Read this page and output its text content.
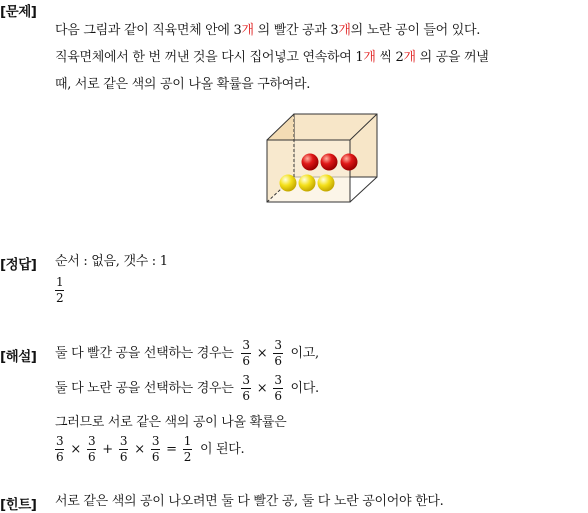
[문제]
다음 그림과 같이 직육면체 안에 3개 의 빨간 공과 3개의 노란 공이 들어 있다.
직육면체에서 한 번 꺼낸 것을 다시 집어넣고 연속하여 1개 씩 2개 의 공을 꺼낼
때, 서로 같은 색의 공이 나올 확률을 구하여라.
[정답] 순서 : 없음, 갯수 : 1
$\frac{1}{2}$
[해설] 둘 다 빨간 공을 선택하는 경우는 $\frac{3}{6} \times \frac{3}{6}$ 이고,
둘 다 노란 공을 선택하는 경우는 $\frac{3}{6} \times \frac{3}{6}$ 이다.
그러므로 서로 같은 색의 공이 나올 확률은
$\frac{3}{6} \times \frac{3}{6} + \frac{3}{6} \times \frac{3}{6} = \frac{1}{2}$ 이 된다.
[힌트] 서로 같은 색의 공이 나오려면 둘 다 빨간 공, 둘 다 노란 공이어야 한다.
